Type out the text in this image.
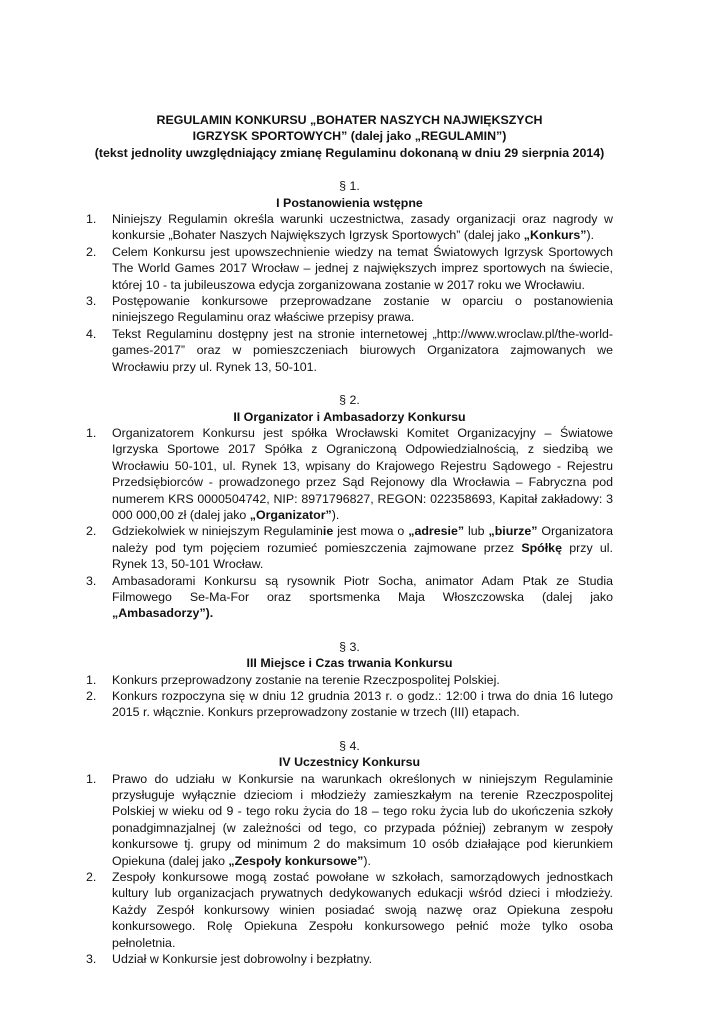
REGULAMIN KONKURSU „BOHATER NASZYCH NAJWIĘKSZYCH
IGRZYSK SPORTOWYCH” (dalej jako „REGULAMIN”)
(tekst jednolity uwzględniający zmianę Regulaminu dokonaną w dniu 29 sierpnia 2014)
§ 1.
I Postanowienia wstępne
1. Niniejszy Regulamin określa warunki uczestnictwa, zasady organizacji oraz nagrody w konkursie „Bohater Naszych Największych Igrzysk Sportowych” (dalej jako „Konkurs”).
2. Celem Konkursu jest upowszechnienie wiedzy na temat Światowych Igrzysk Sportowych The World Games 2017 Wrocław – jednej z największych imprez sportowych na świecie, której 10 - ta jubileuszowa edycja zorganizowana zostanie w 2017 roku we Wrocławiu.
3. Postępowanie konkursowe przeprowadzane zostanie w oparciu o postanowienia niniejszego Regulaminu oraz właściwe przepisy prawa.
4. Tekst Regulaminu dostępny jest na stronie internetowej „http://www.wroclaw.pl/the-world-games-2017” oraz w pomieszczeniach biurowych Organizatora zajmowanych we Wrocławiu przy ul. Rynek 13, 50-101.
§ 2.
II Organizator i Ambasadorzy Konkursu
1. Organizatorem Konkursu jest spółka Wrocławski Komitet Organizacyjny – Światowe Igrzyska Sportowe 2017 Spółka z Ograniczoną Odpowiedzialnością, z siedzibą we Wrocławiu 50-101, ul. Rynek 13, wpisany do Krajowego Rejestru Sądowego - Rejestru Przedsiębiorców - prowadzonego przez Sąd Rejonowy dla Wrocławia – Fabryczna pod numerem KRS 0000504742, NIP: 8971796827, REGON: 022358693, Kapitał zakładowy: 3 000 000,00 zł (dalej jako „Organizator”).
2. Gdziekolwiek w niniejszym Regulaminie jest mowa o „adresie” lub „biurze” Organizatora należy pod tym pojęciem rozumieć pomieszczenia zajmowane przez Spółkę przy ul. Rynek 13, 50-101 Wrocław.
3. Ambasadorami Konkursu są rysownik Piotr Socha, animator Adam Ptak ze Studia Filmowego Se-Ma-For oraz sportsmenka Maja Włoszczowska (dalej jako „Ambasadorzy”).
§ 3.
III Miejsce i Czas trwania Konkursu
1. Konkurs przeprowadzony zostanie na terenie Rzeczpospolitej Polskiej.
2. Konkurs rozpoczyna się w dniu 12 grudnia 2013 r. o godz.: 12:00 i trwa do dnia 16 lutego 2015 r. włącznie. Konkurs przeprowadzony zostanie w trzech (III) etapach.
§ 4.
IV Uczestnicy Konkursu
1. Prawo do udziału w Konkursie na warunkach określonych w niniejszym Regulaminie przysługuje wyłącznie dzieciom i młodzieży zamieszkałym na terenie Rzeczpospolitej Polskiej w wieku od 9 - tego roku życia do 18 – tego roku życia lub do ukończenia szkoły ponadgimnazjalnej (w zależności od tego, co przypada później) zebranym w zespoły konkursowe tj. grupy od minimum 2 do maksimum 10 osób działające pod kierunkiem Opiekuna (dalej jako „Zespoły konkursowe”).
2. Zespoły konkursowe mogą zostać powołane w szkołach, samorządowych jednostkach kultury lub organizacjach prywatnych dedykowanych edukacji wśród dzieci i młodzieży. Każdy Zespół konkursowy winien posiadać swoją nazwę oraz Opiekuna zespołu konkursowego. Rolę Opiekuna Zespołu konkursowego pełnić może tylko osoba pełnoletnia.
3. Udział w Konkursie jest dobrowolny i bezpłatny.
